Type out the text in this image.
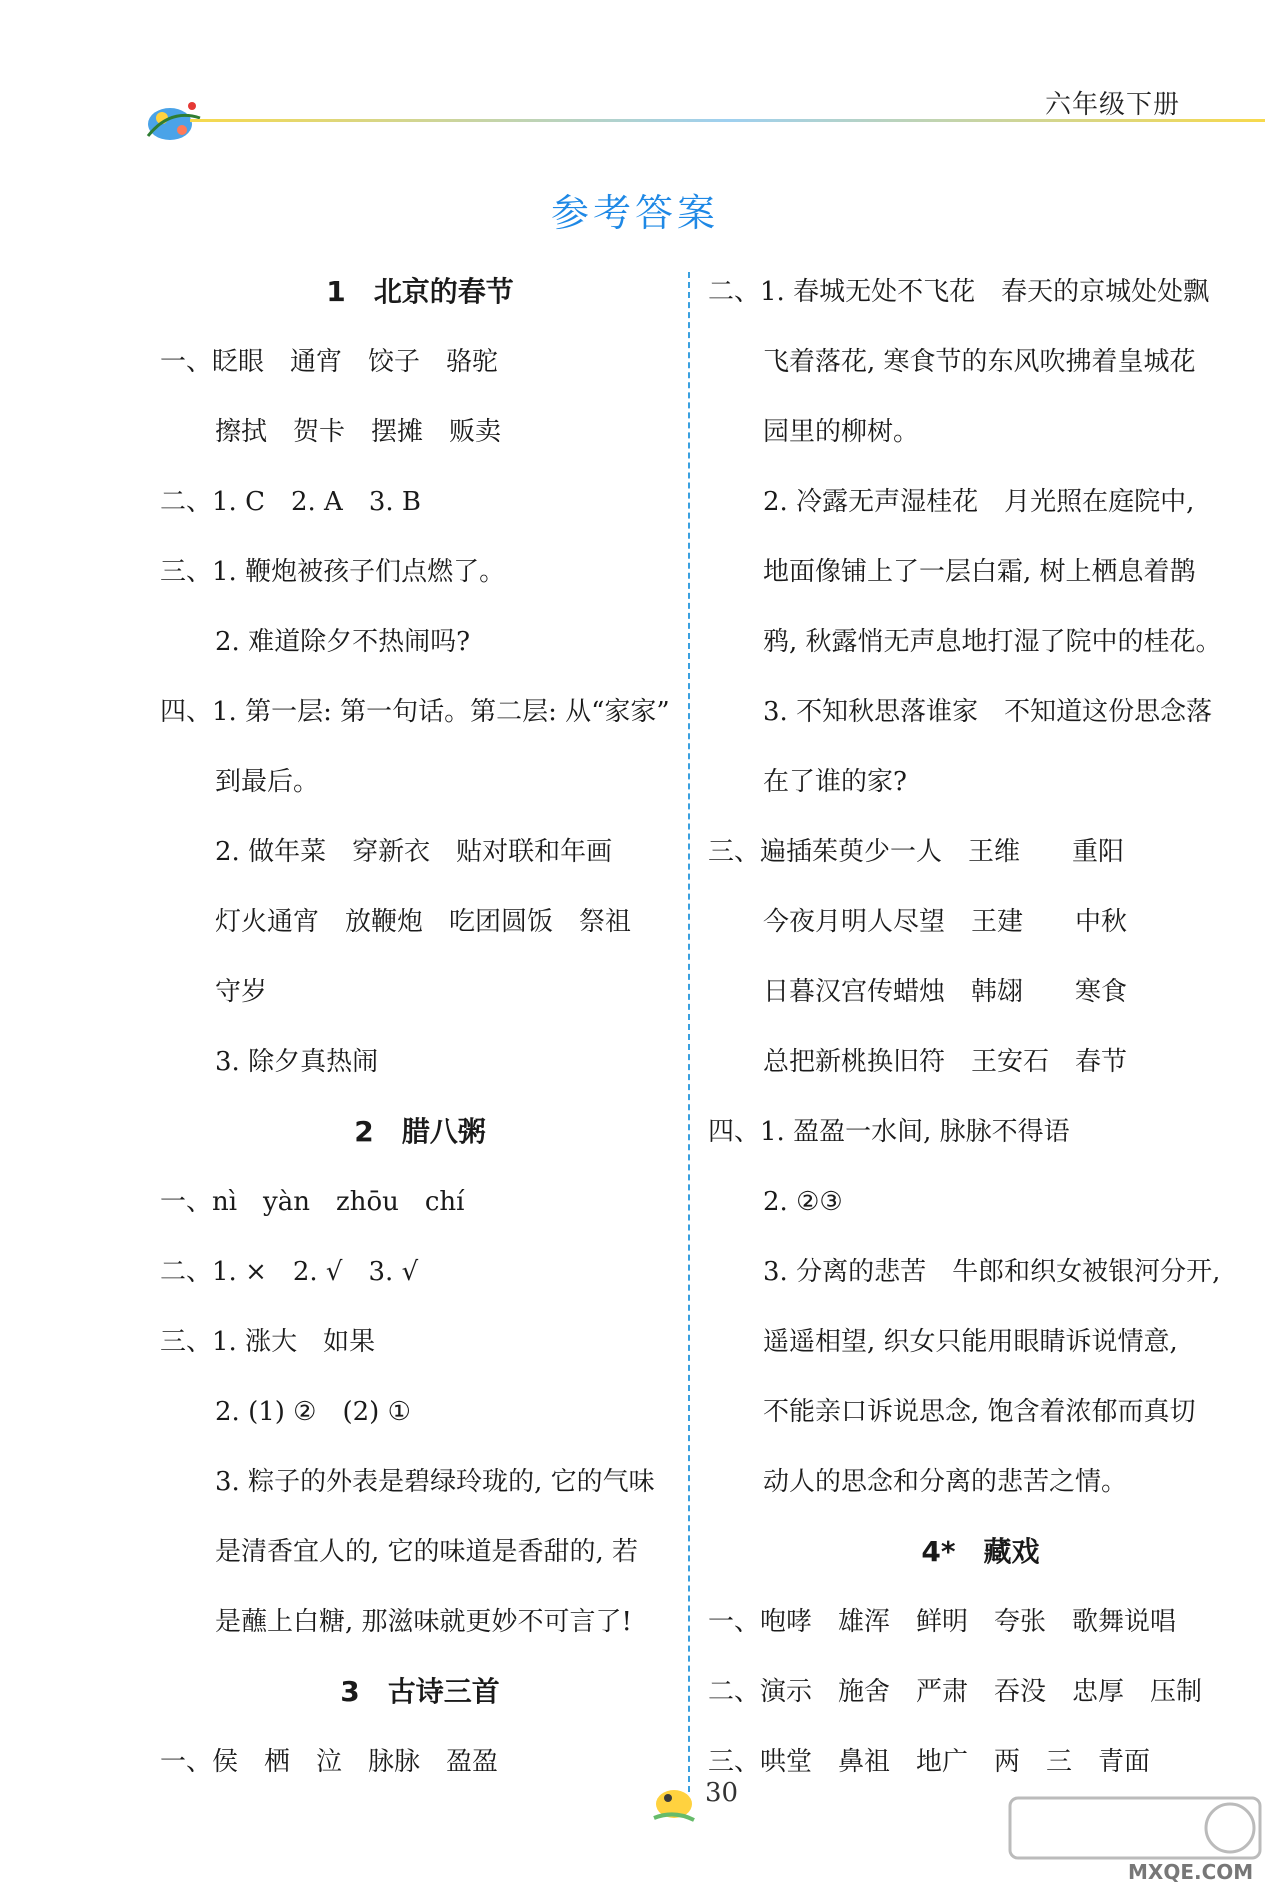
六年级下册
参考答案
1　北京的春节
一、眨眼　通宵　饺子　骆驼
擦拭　贺卡　摆摊　贩卖
二、1. C　2. A　3. B
三、1. 鞭炮被孩子们点燃了。
2. 难道除夕不热闹吗?
四、1. 第一层: 第一句话。第二层: 从“家家”
到最后。
2. 做年菜　穿新衣　贴对联和年画
灯火通宵　放鞭炮　吃团圆饭　祭祖
守岁
3. 除夕真热闹
2　腊八粥
一、nì　yàn　zhōu　chí
二、1. ×　2. √　3. √
三、1. 涨大　如果
2. (1) ②　(2) ①
3. 粽子的外表是碧绿玲珑的, 它的气味
是清香宜人的, 它的味道是香甜的, 若
是蘸上白糖, 那滋味就更妙不可言了!
3　古诗三首
一、侯　栖　泣　脉脉　盈盈
二、1. 春城无处不飞花　春天的京城处处飘
飞着落花, 寒食节的东风吹拂着皇城花
园里的柳树。
2. 冷露无声湿桂花　月光照在庭院中,
地面像铺上了一层白霜, 树上栖息着鹊
鸦, 秋露悄无声息地打湿了院中的桂花。
3. 不知秋思落谁家　不知道这份思念落
在了谁的家?
三、遍插茱萸少一人　王维　　重阳
今夜月明人尽望　王建　　中秋
日暮汉宫传蜡烛　韩翃　　寒食
总把新桃换旧符　王安石　春节
四、1. 盈盈一水间, 脉脉不得语
2. ②③
3. 分离的悲苦　牛郎和织女被银河分开,
遥遥相望, 织女只能用眼睛诉说情意,
不能亲口诉说思念, 饱含着浓郁而真切
动人的思念和分离的悲苦之情。
4*　藏戏
一、咆哮　雄浑　鲜明　夸张　歌舞说唱
二、演示　施舍　严肃　吞没　忠厚　压制
三、哄堂　鼻祖　地广　两　三　青面
30
MXQE.COM
